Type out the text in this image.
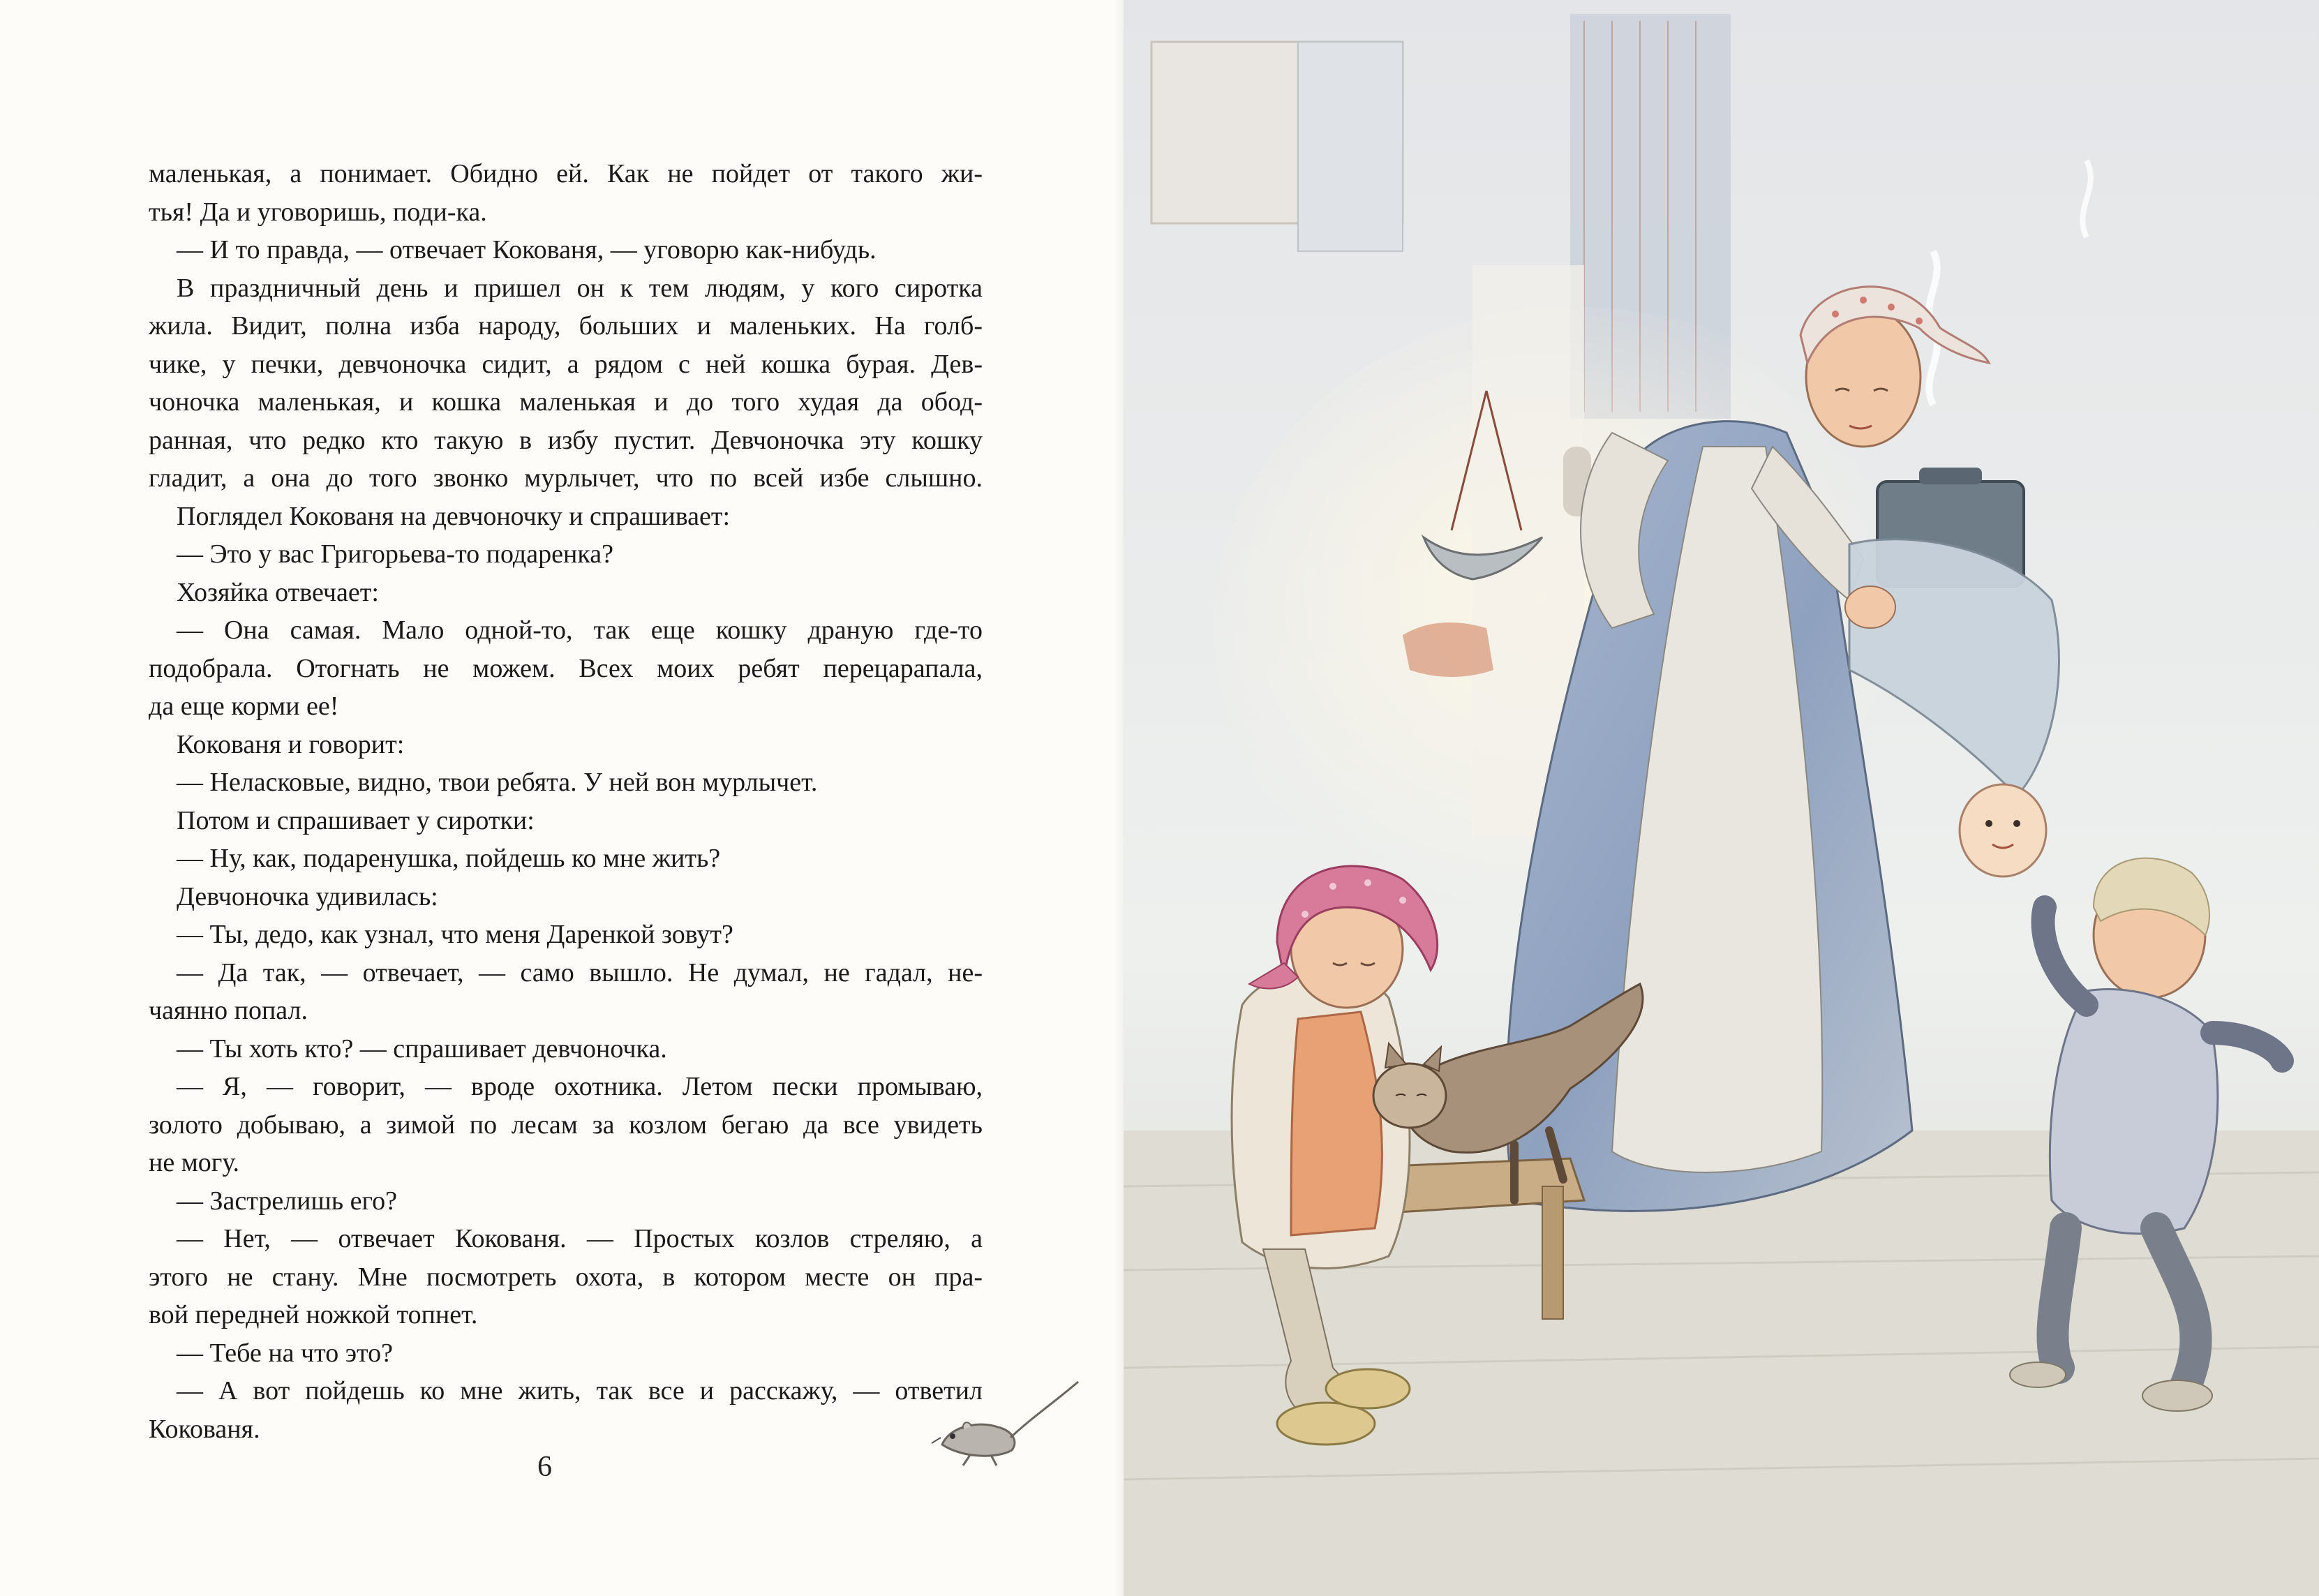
маленькая, а понимает. Обидно ей. Как не пойдет от такого жи-
тья! Да и уговоришь, поди-ка.
— И то правда, — отвечает Кокованя, — уговорю как-нибудь.
В праздничный день и пришел он к тем людям, у кого сиротка
жила. Видит, полна изба народу, больших и маленьких. На голб-
чике, у печки, девчоночка сидит, а рядом с ней кошка бурая. Дев-
чоночка маленькая, и кошка маленькая и до того худая да обод-
ранная, что редко кто такую в избу пустит. Девчоночка эту кошку
гладит, а она до того звонко мурлычет, что по всей избе слышно.
Поглядел Кокованя на девчоночку и спрашивает:
— Это у вас Григорьева-то подаренка?
Хозяйка отвечает:
— Она самая. Мало одной-то, так еще кошку драную где-то
подобрала. Отогнать не можем. Всех моих ребят перецарапала,
да еще корми ее!
Кокованя и говорит:
— Неласковые, видно, твои ребята. У ней вон мурлычет.
Потом и спрашивает у сиротки:
— Ну, как, подаренушка, пойдешь ко мне жить?
Девчоночка удивилась:
— Ты, дедо, как узнал, что меня Даренкой зовут?
— Да так, — отвечает, — само вышло. Не думал, не гадал, не-
чаянно попал.
— Ты хоть кто? — спрашивает девчоночка.
— Я, — говорит, — вроде охотника. Летом пески промываю,
золото добываю, а зимой по лесам за козлом бегаю да все увидеть
не могу.
— Застрелишь его?
— Нет, — отвечает Кокованя. — Простых козлов стреляю, а
этого не стану. Мне посмотреть охота, в котором месте он пра-
вой передней ножкой топнет.
— Тебе на что это?
— А вот пойдешь ко мне жить, так все и расскажу, — ответил
Кокованя.
6
